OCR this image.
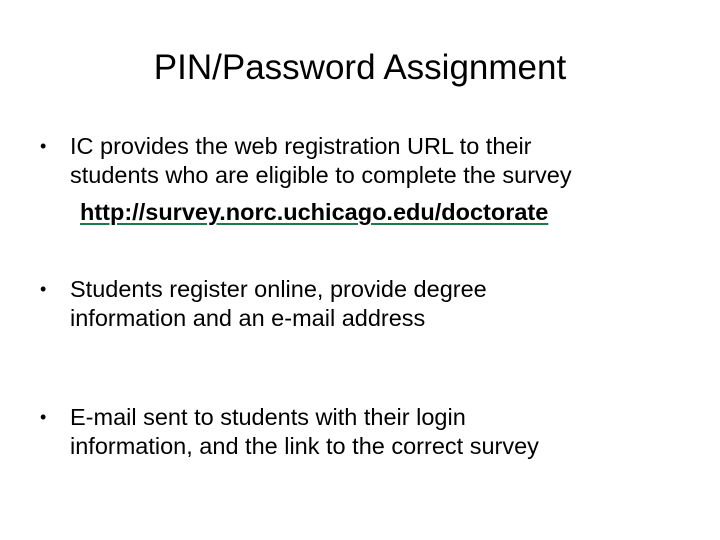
PIN/Password Assignment
•	IC provides the web registration URL to their
students who are eligible to complete the survey
http://survey.norc.uchicago.edu/doctorate
•	Students register online, provide degree
information and an e-mail address
•	E-mail sent to students with their login
information, and the link to the correct survey
